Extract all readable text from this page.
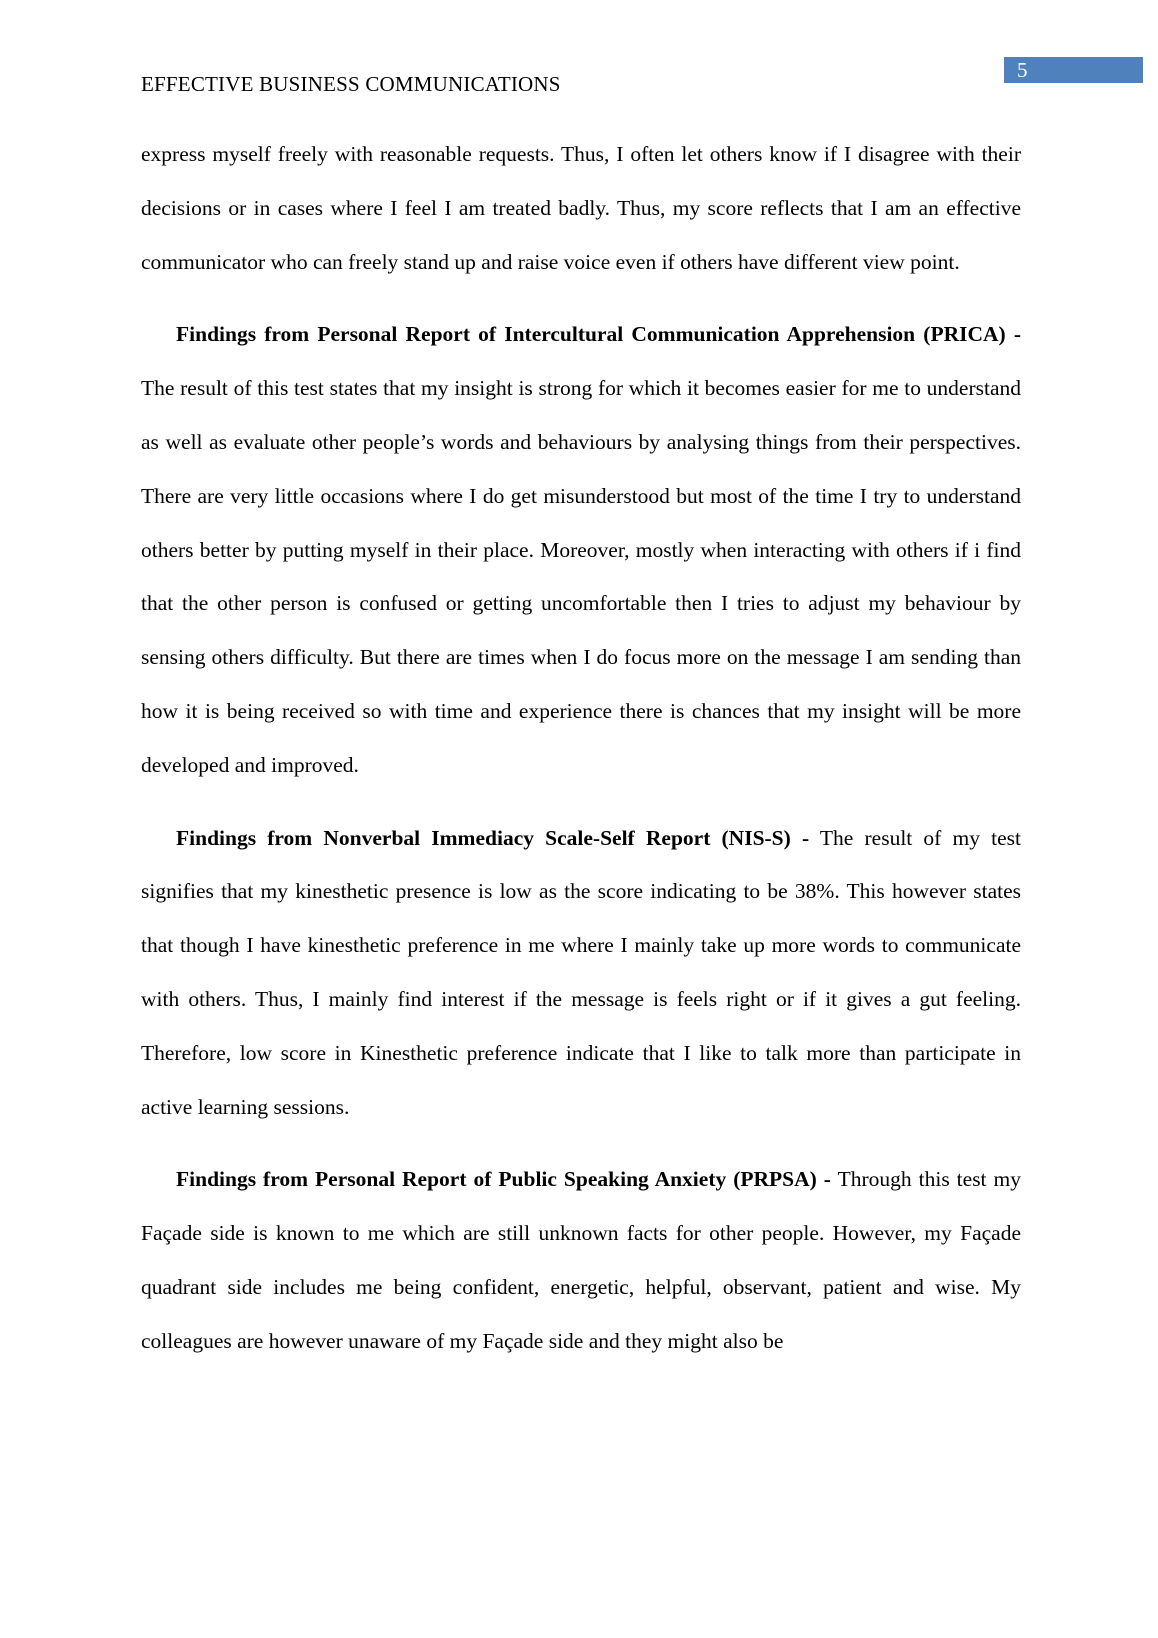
5
EFFECTIVE BUSINESS COMMUNICATIONS

express myself freely with reasonable requests. Thus, I often let others know if I disagree with their decisions or in cases where I feel I am treated badly. Thus, my score reflects that I am an effective communicator who can freely stand up and raise voice even if others have different view point.

Findings from Personal Report of Intercultural Communication Apprehension (PRICA) - The result of this test states that my insight is strong for which it becomes easier for me to understand as well as evaluate other people’s words and behaviours by analysing things from their perspectives. There are very little occasions where I do get misunderstood but most of the time I try to understand others better by putting myself in their place. Moreover, mostly when interacting with others if i find that the other person is confused or getting uncomfortable then I tries to adjust my behaviour by sensing others difficulty. But there are times when I do focus more on the message I am sending than how it is being received so with time and experience there is chances that my insight will be more developed and improved.

Findings from Nonverbal Immediacy Scale-Self Report (NIS-S) - The result of my test signifies that my kinesthetic presence is low as the score indicating to be 38%. This however states that though I have kinesthetic preference in me where I mainly take up more words to communicate with others. Thus, I mainly find interest if the message is feels right or if it gives a gut feeling. Therefore, low score in Kinesthetic preference indicate that I like to talk more than participate in active learning sessions.

Findings from Personal Report of Public Speaking Anxiety (PRPSA) - Through this test my Façade side is known to me which are still unknown facts for other people. However, my Façade quadrant side includes me being confident, energetic, helpful, observant, patient and wise. My colleagues are however unaware of my Façade side and they might also be
